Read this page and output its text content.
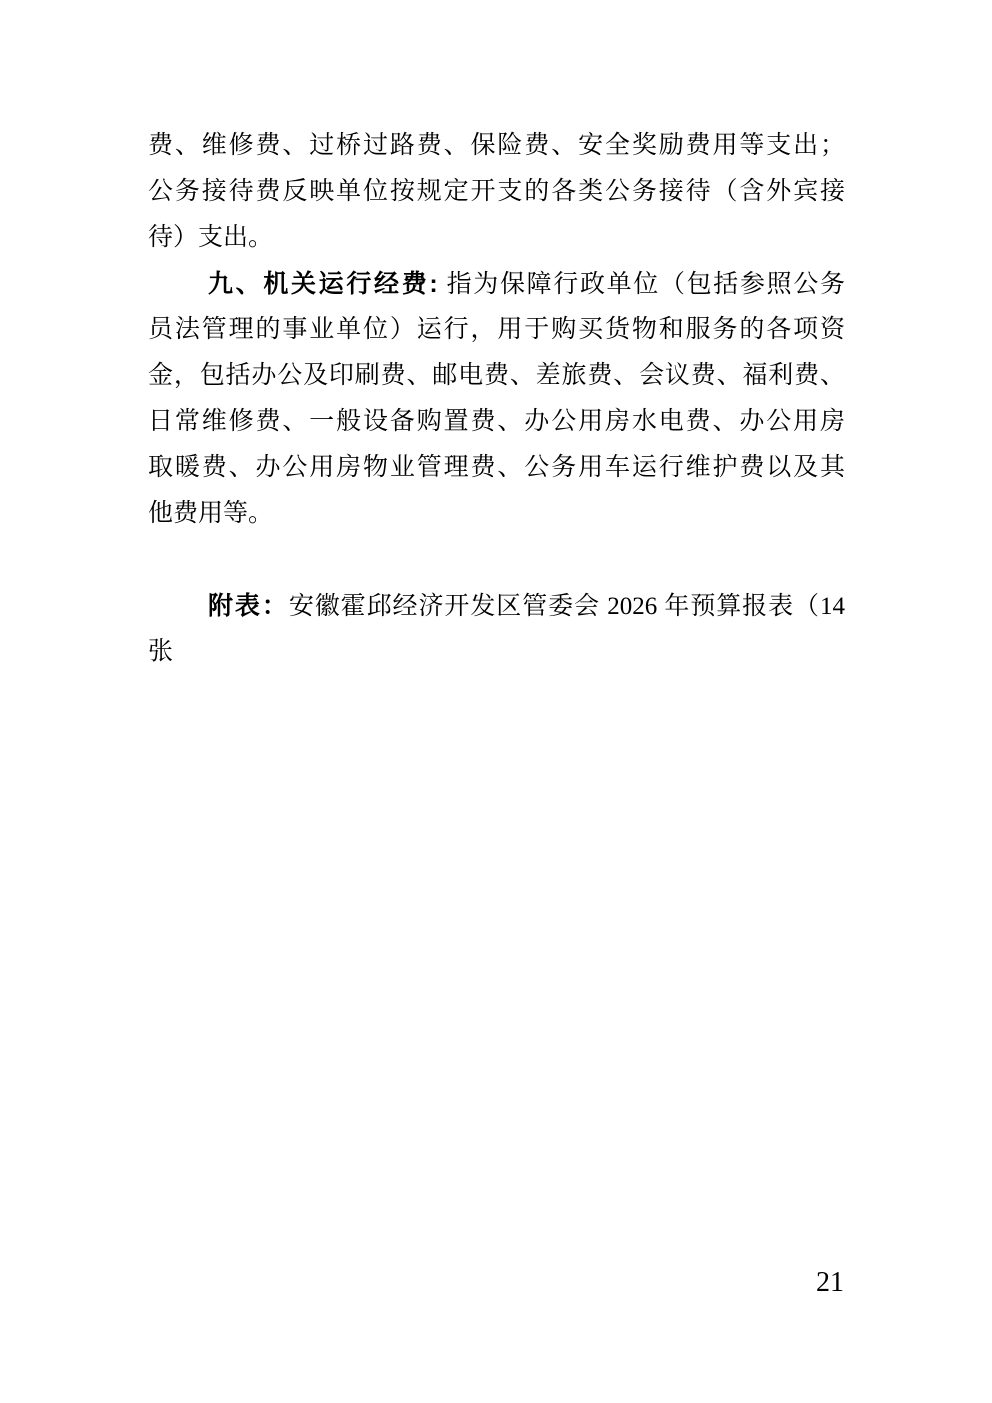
费、维修费、过桥过路费、保险费、安全奖励费用等支出；
公务接待费反映单位按规定开支的各类公务接待（含外宾接
待）支出。
九、机关运行经费: 指为保障行政单位（包括参照公务
员法管理的事业单位）运行，用于购买货物和服务的各项资
金，包括办公及印刷费、邮电费、差旅费、会议费、福利费、
日常维修费、一般设备购置费、办公用房水电费、办公用房
取暖费、办公用房物业管理费、公务用车运行维护费以及其
他费用等。
附表：安徽霍邱经济开发区管委会 2026 年预算报表（14
张
21
